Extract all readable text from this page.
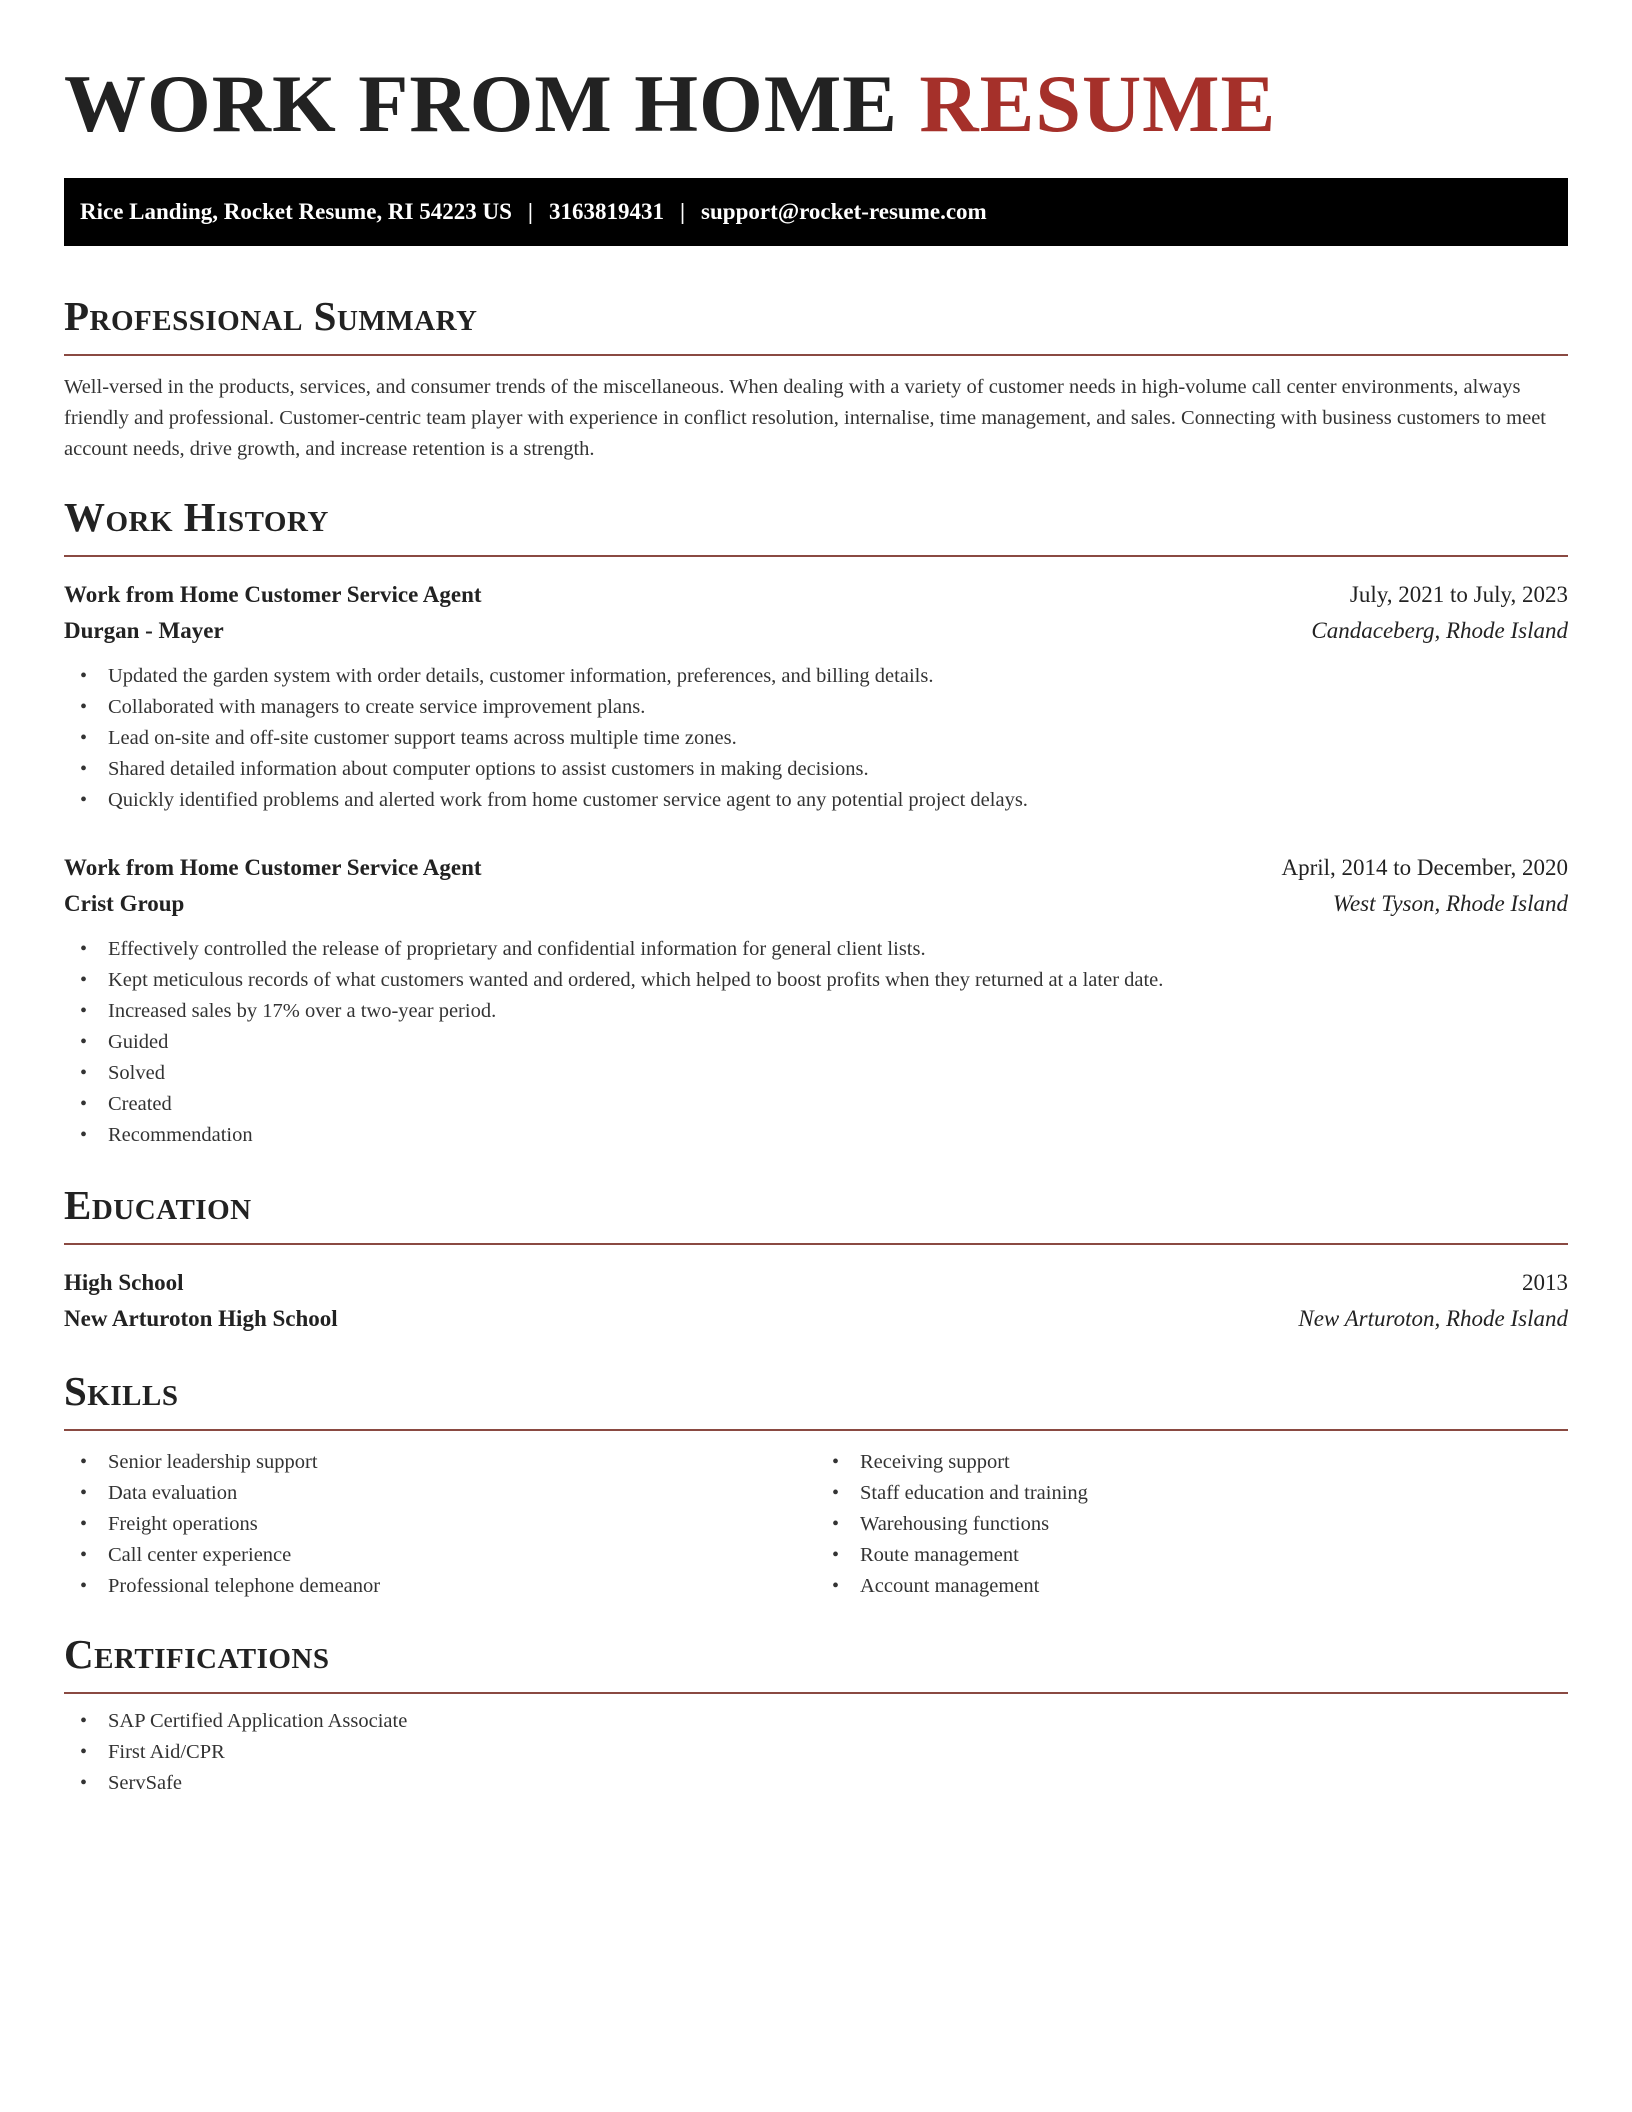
WORK FROM HOME RESUME
Rice Landing, Rocket Resume, RI 54223 US | 3163819431 | support@rocket-resume.com
Professional Summary

Well-versed in the products, services, and consumer trends of the miscellaneous. When dealing with a variety of customer needs in high-volume call center environments, always friendly and professional. Customer-centric team player with experience in conflict resolution, internalise, time management, and sales. Connecting with business customers to meet account needs, drive growth, and increase retention is a strength.

Work History
Work from Home Customer Service Agent	July, 2021 to July, 2023
Durgan - Mayer	Candaceberg, Rhode Island
• Updated the garden system with order details, customer information, preferences, and billing details.
• Collaborated with managers to create service improvement plans.
• Lead on-site and off-site customer support teams across multiple time zones.
• Shared detailed information about computer options to assist customers in making decisions.
• Quickly identified problems and alerted work from home customer service agent to any potential project delays.
Work from Home Customer Service Agent	April, 2014 to December, 2020
Crist Group	West Tyson, Rhode Island
• Effectively controlled the release of proprietary and confidential information for general client lists.
• Kept meticulous records of what customers wanted and ordered, which helped to boost profits when they returned at a later date.
• Increased sales by 17% over a two-year period.
• Guided
• Solved
• Created
• Recommendation
Education
High School	2013
New Arturoton High School	New Arturoton, Rhode Island
Skills
• Senior leadership support
• Data evaluation
• Freight operations
• Call center experience
• Professional telephone demeanor
• Receiving support
• Staff education and training
• Warehousing functions
• Route management
• Account management
Certifications
• SAP Certified Application Associate
• First Aid/CPR
• ServSafe
